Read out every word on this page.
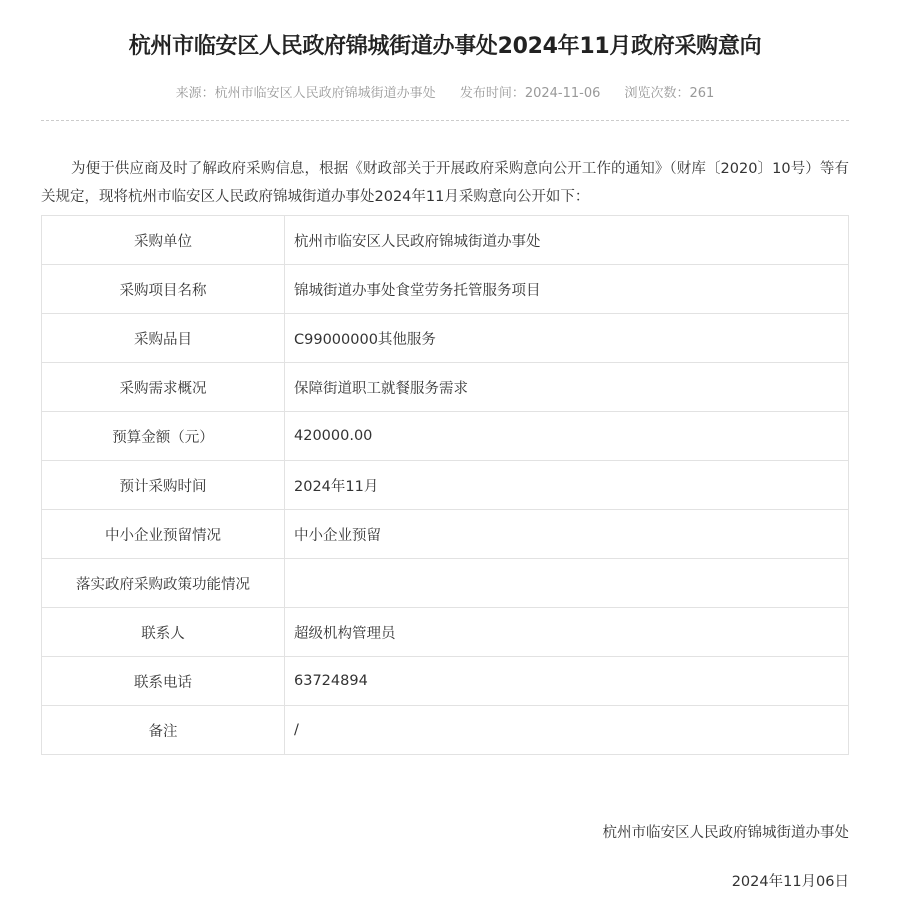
杭州市临安区人民政府锦城街道办事处2024年11月政府采购意向
来源：杭州市临安区人民政府锦城街道办事处 发布时间：2024-11-06 浏览次数：261

为便于供应商及时了解政府采购信息，根据《财政部关于开展政府采购意向公开工作的通知》（财库〔2020〕10号）等有关规定，现将杭州市临安区人民政府锦城街道办事处2024年11月采购意向公开如下：

采购单位	杭州市临安区人民政府锦城街道办事处
采购项目名称	锦城街道办事处食堂劳务托管服务项目
采购品目	C99000000其他服务
采购需求概况	保障街道职工就餐服务需求
预算金额（元）	420000.00
预计采购时间	2024年11月
中小企业预留情况	中小企业预留
落实政府采购政策功能情况	
联系人	超级机构管理员
联系电话	63724894
备注	/
杭州市临安区人民政府锦城街道办事处
2024年11月06日
